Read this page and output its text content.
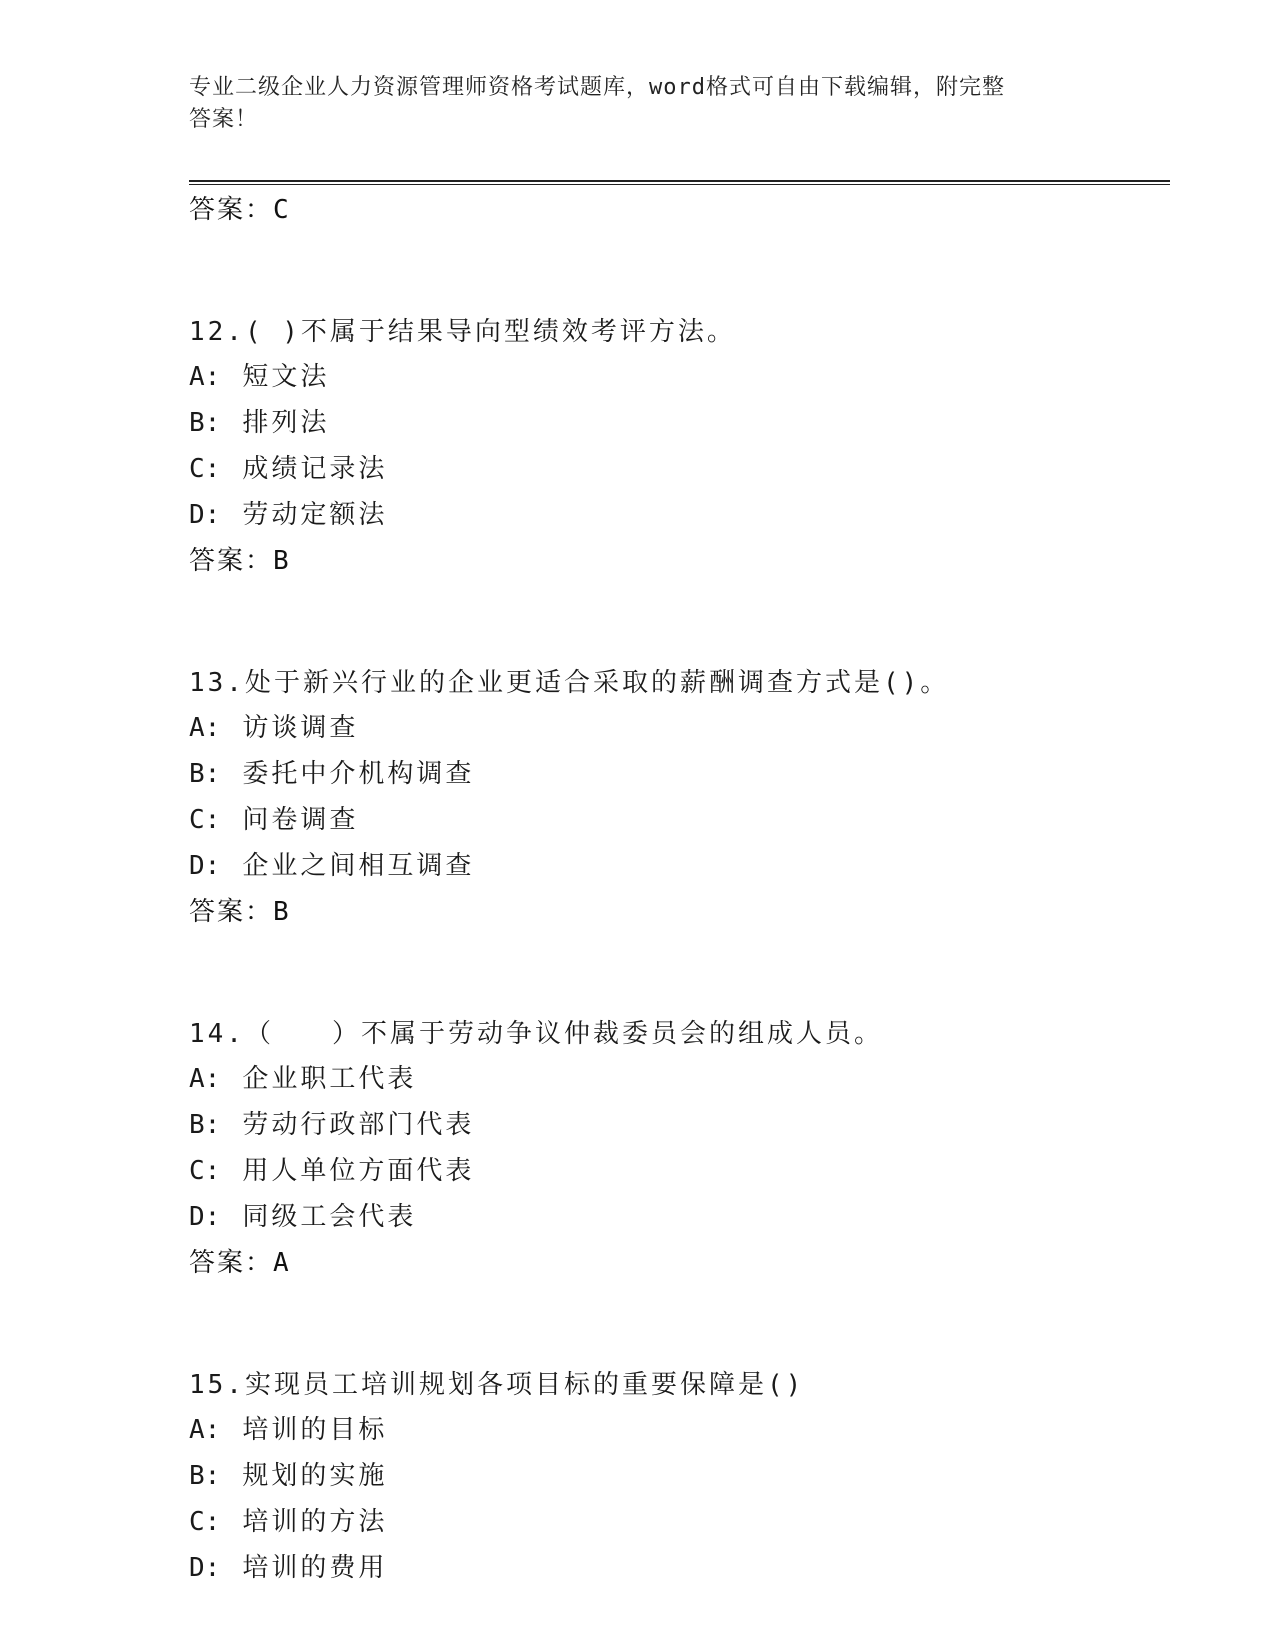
专业二级企业人力资源管理师资格考试题库，word格式可自由下载编辑，附完整
答案！

答案：C

12.( )不属于结果导向型绩效考评方法。

A: 短文法

B: 排列法

C: 成绩记录法

D: 劳动定额法

答案：B

13.处于新兴行业的企业更适合采取的薪酬调查方式是()。

A: 访谈调查

B: 委托中介机构调查

C: 问卷调查

D: 企业之间相互调查

答案：B

14.（　　）不属于劳动争议仲裁委员会的组成人员。

A: 企业职工代表

B: 劳动行政部门代表

C: 用人单位方面代表

D: 同级工会代表

答案：A

15.实现员工培训规划各项目标的重要保障是()

A: 培训的目标

B: 规划的实施

C: 培训的方法

D: 培训的费用
